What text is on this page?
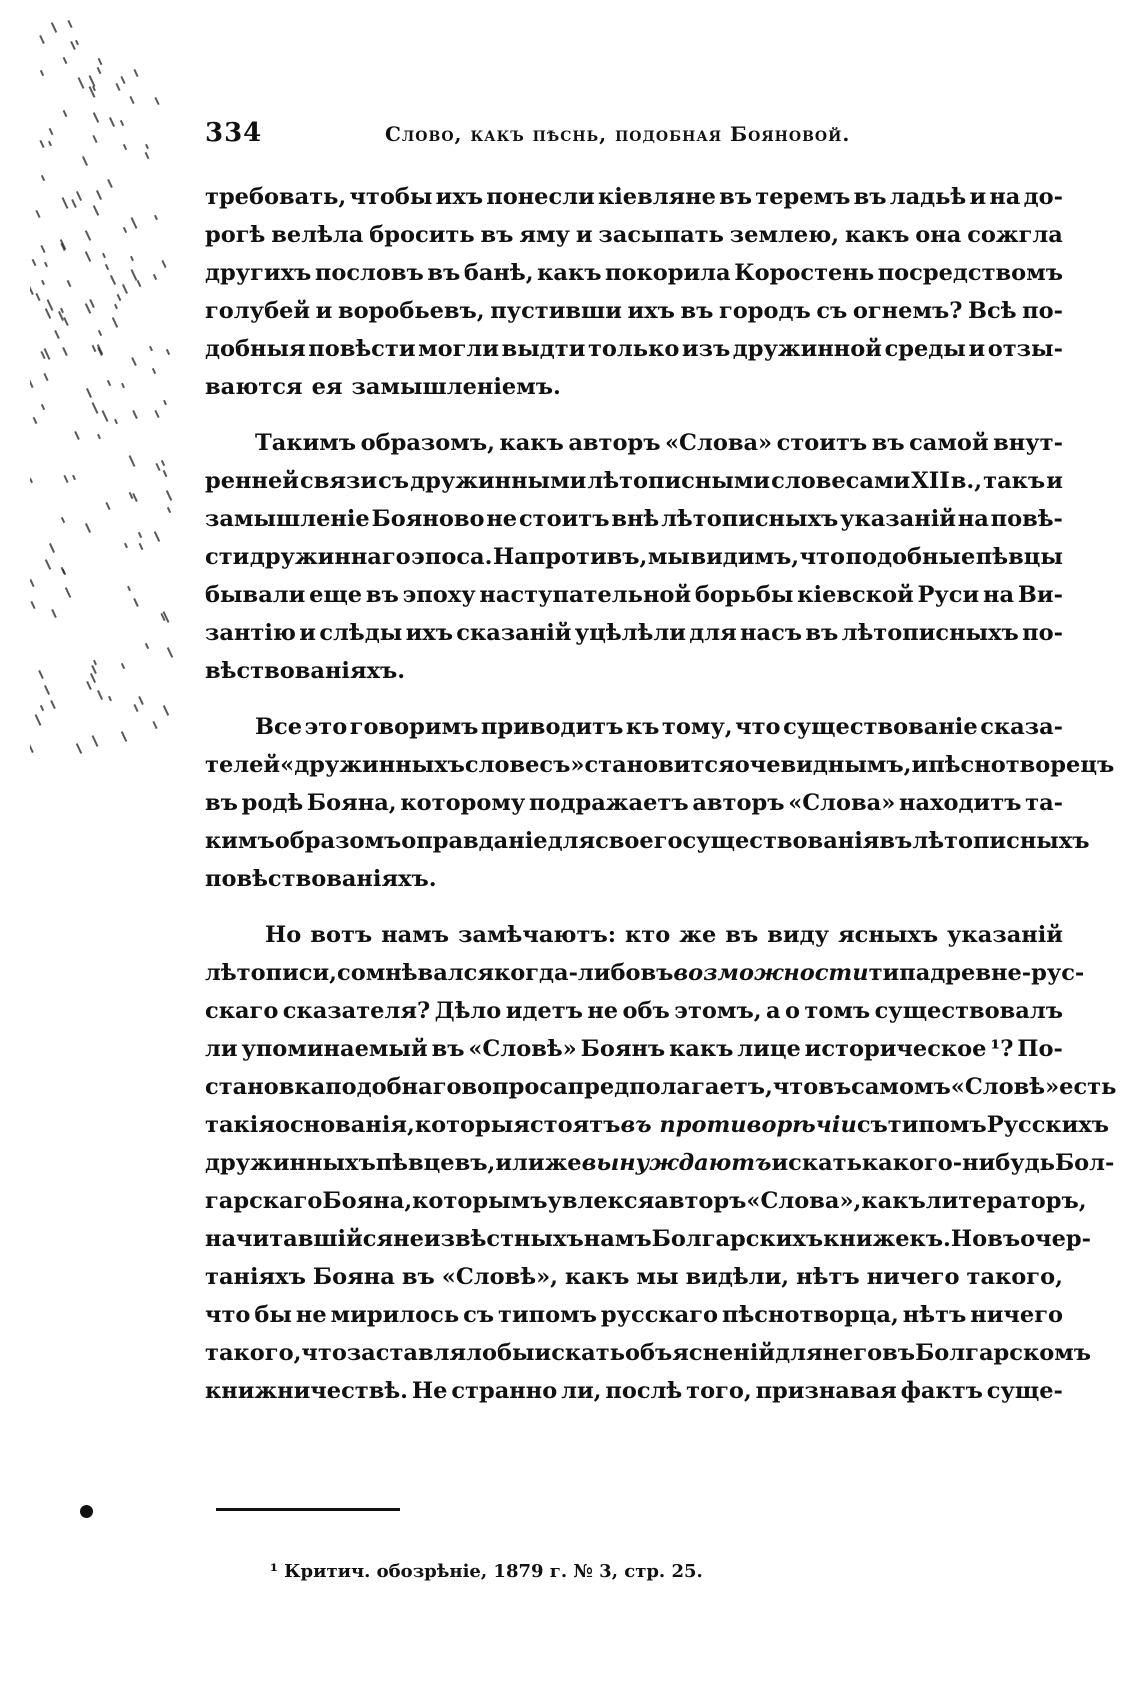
334	Слово, какъ пѣснь, подобная Бояновой.
требовать, чтобы ихъ понесли кіевляне въ теремъ въ ладьѣ и на до-
рогѣ велѣла бросить въ яму и засыпать землею, какъ она сожгла
другихъ пословъ въ банѣ, какъ покорила Коростень посредствомъ
голубей и воробьевъ, пустивши ихъ въ городъ съ огнемъ? Всѣ по-
добныя повѣсти могли выдти только изъ дружинной среды и отзы-
ваются ея замышленіемъ.
Такимъ образомъ, какъ авторъ «Слова» стоитъ въ самой внут-
ренней связи съ дружинными лѣтописными словесами XII в., такъ и
замышленіе Бояново не стоитъ внѣ лѣтописныхъ указаній на повѣ-
сти дружиннаго эпоса. Напротивъ, мы видимъ, что подобные пѣвцы
бывали еще въ эпоху наступательной борьбы кіевской Руси на Ви-
зантію и слѣды ихъ сказаній уцѣлѣли для насъ въ лѣтописныхъ по-
вѣствованіяхъ.
Все это говоримъ приводитъ къ тому, что существованіе сказа-
телей «дружинныхъ словесъ» становится очевиднымъ, и пѣснотворецъ
въ родѣ Бояна, которому подражаетъ авторъ «Слова» находитъ та-
кимъ образомъ оправданіе для своего существованія въ лѣтописныхъ
повѣствованіяхъ.
Но вотъ намъ замѣчаютъ: кто же въ виду ясныхъ указаній
лѣтописи, сомнѣвался когда-либо въ возможности типа древне-рус-
скаго сказателя? Дѣло идетъ не объ этомъ, а о томъ существовалъ
ли упоминаемый въ «Словѣ» Боянъ какъ лице историческое ¹? По-
становка подобнаго вопроса предполагаетъ, что въ самомъ «Словѣ» есть
такія основанія, которыя стоятъ въ противорѣчіи съ типомъ Русскихъ
дружинныхъ пѣвцевъ, или же вынуждаютъ искать какого-нибудь Бол-
гарскаго Бояна, которымъ увлекся авторъ «Слова», какъ литераторъ,
начитавшійся неизвѣстныхъ намъ Болгарскихъ книжекъ. Но въ очер-
таніяхъ Бояна въ «Словѣ», какъ мы видѣли, нѣтъ ничего такого,
что бы не мирилось съ типомъ русскаго пѣснотворца, нѣтъ ничего
такого, что заставляло бы искать объясненій для него въ Болгарскомъ
книжничествѣ. Не странно ли, послѣ того, признавая фактъ суще-
¹ Критич. обозрѣніе, 1879 г. № 3, стр. 25.
